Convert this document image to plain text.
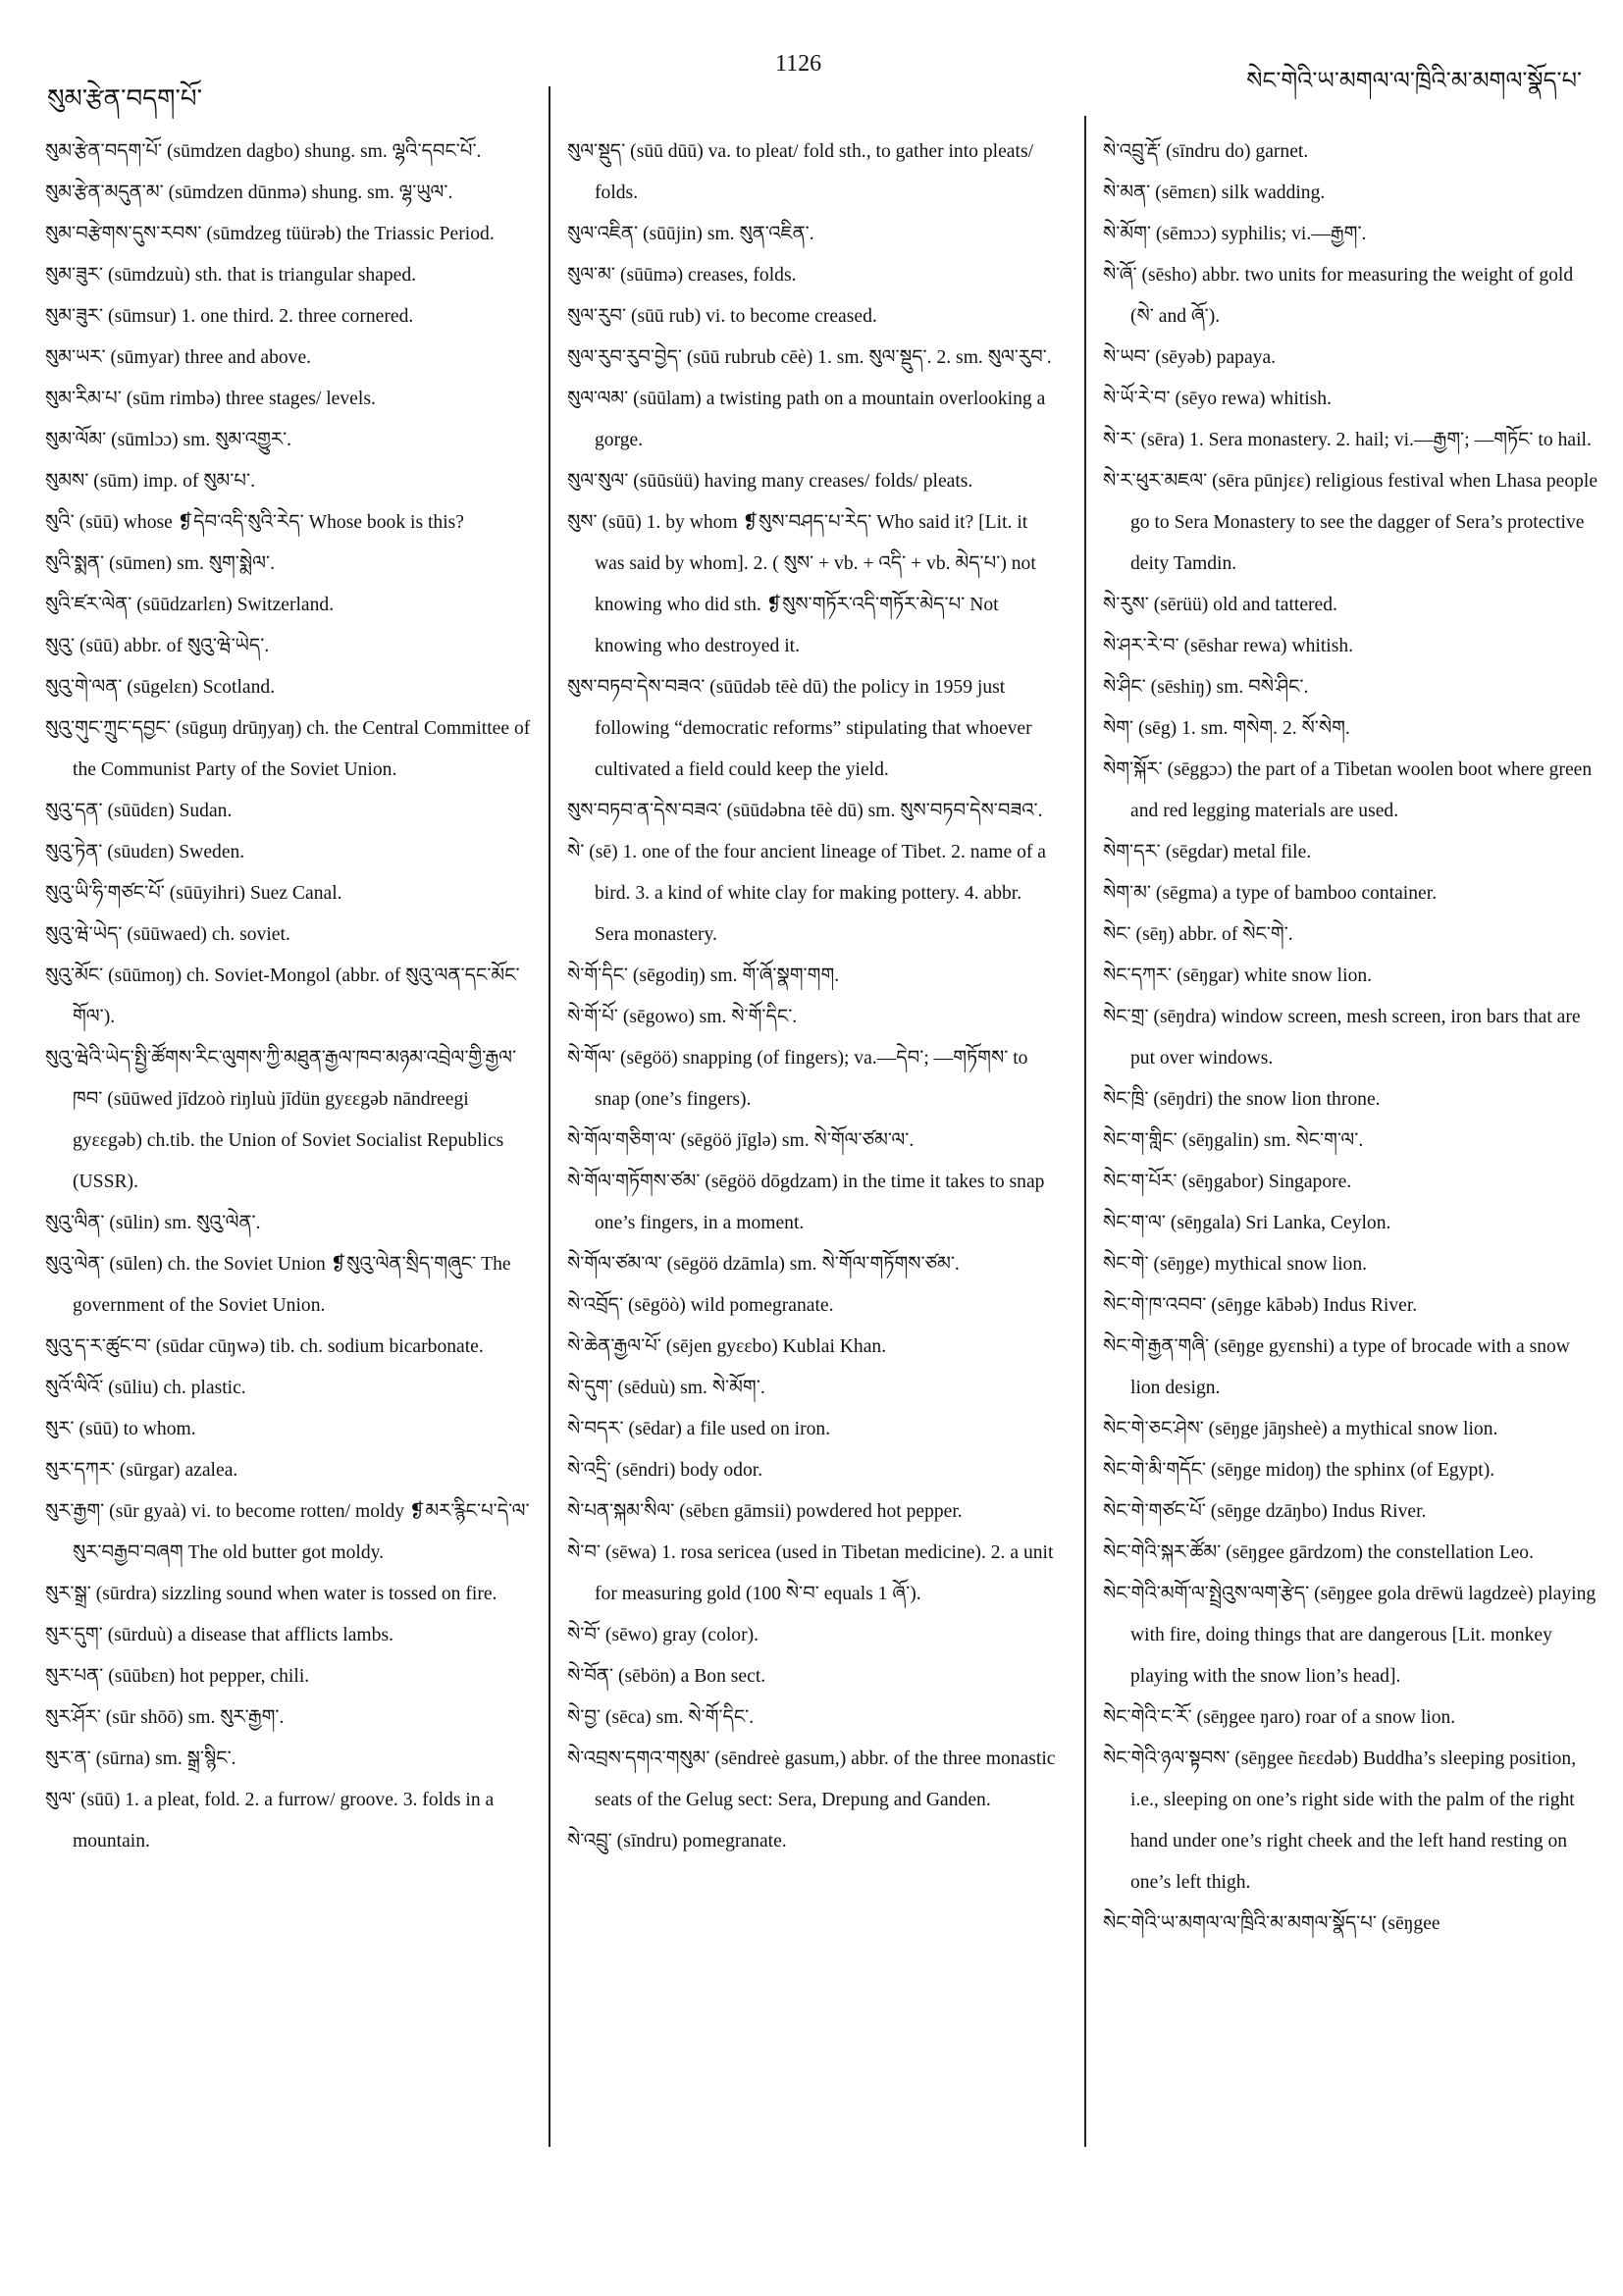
སུམ་རྩེན་བདག་པོ་
1126
སེང་གེའི་ཡ་མགལ་ལ་ཁྲིའི་མ་མགལ་སྣོད་པ་

སུམ་རྩེན་བདག་པོ་ (sūmdzen dagbo) shung. sm. ལྷའི་དབང་པོ་.

སུམ་རྩེན་མདུན་མ་ (sūmdzen dūnmə) shung. sm. ལྷ་ཡུལ་.

སུམ་བརྩེགས་དུས་རབས་ (sūmdzeg tüürəb) the Triassic Period.

སུམ་ཟུར་ (sūmdzuù) sth. that is triangular shaped.

སུམ་ཟུར་ (sūmsur) 1. one third. 2. three cornered.

སུམ་ཡར་ (sūmyar) three and above.

སུམ་རིམ་པ་ (sūm rimbə) three stages/ levels.

སུམ་ལོམ་ (sūmlɔɔ) sm. སུམ་འགྱུར་.

སུམས་ (sūm) imp. of སུམ་པ་.

སུའི་ (sūū) whose ❡དེབ་འདི་སུའི་རེད་ Whose book is this?

སུའི་སྨན་ (sūmen) sm. སུག་སྨེལ་.

སུའི་ཛར་ལེན་ (sūūdzarlɛn) Switzerland.

སུའུ་ (sūū) abbr. of སུའུ་ཝེ་ཡེད་.

སུའུ་གེ་ལན་ (sūgelɛn) Scotland.

སུའུ་གུང་ཀྲུང་དབྱང་ (sūguŋ drūŋyaŋ) ch. the Central Committee of the Communist Party of the Soviet Union.

སུའུ་དན་ (sūūdɛn) Sudan.

སུའུ་ཏེན་ (sūudɛn) Sweden.

སུའུ་ཡི་ཧི་གཙང་པོ་ (sūūyihri) Suez Canal.

སུའུ་ཝེ་ཡེད་ (sūūwaed) ch. soviet.

སུའུ་མོང་ (sūūmoŋ) ch. Soviet-Mongol (abbr. of སུའུ་ལན་དང་མོང་གོལ་).

སུའུ་ཝེའི་ཡེད་སྤྱི་ཚོགས་རིང་ལུགས་ཀྱི་མཐུན་རྒྱལ་ཁབ་མཉམ་འབྲེལ་གྱི་རྒྱལ་ཁབ་ (sūūwed jīdzoò riŋluù jīdün gyɛɛgəb nāndreegi gyɛɛgəb) ch.tib. the Union of Soviet Socialist Republics (USSR).

སུའུ་ལིན་ (sūlin) sm. སུའུ་ལེན་.

སུའུ་ལེན་ (sūlen) ch. the Soviet Union ❡སུའུ་ལེན་སྲིད་གཞུང་ The government of the Soviet Union.

སུའུ་ད་ར་ཚུང་བ་ (sūdar cūŋwə) tib. ch. sodium bicarbonate.

སུའོ་ལིའོ་ (sūliu) ch. plastic.

སུར་ (sūū) to whom.

སུར་དཀར་ (sūrgar) azalea.

སུར་རྒྱག་ (sūr gyaà) vi. to become rotten/ moldy ❡མར་རྙིང་པ་དེ་ལ་སུར་བརྒྱབ་བཞག The old butter got moldy.

སུར་སྒྲ་ (sūrdra) sizzling sound when water is tossed on fire.

སུར་དུག་ (sūrduù) a disease that afflicts lambs.

སུར་པན་ (sūūbɛn) hot pepper, chili.

སུར་ཤོར་ (sūr shōō) sm. སུར་རྒྱག་.

སུར་ན་ (sūrna) sm. སྒྲ་སྙིང་.

སུལ་ (sūū) 1. a pleat, fold. 2. a furrow/ groove. 3. folds in a mountain.

སུལ་སྡུད་ (sūū dūū) va. to pleat/ fold sth., to gather into pleats/ folds.

སུལ་འཇིན་ (sūūjin) sm. སུན་འཇིན་.

སུལ་མ་ (sūūmə) creases, folds.

སུལ་རུབ་ (sūū rub) vi. to become creased.

སུལ་རུབ་རུབ་བྱེད་ (sūū rubrub cēè) 1. sm. སུལ་སྡུད་. 2. sm. སུལ་རུབ་.

སུལ་ལམ་ (sūūlam) a twisting path on a mountain overlooking a gorge.

སུལ་སུལ་ (sūūsüü) having many creases/ folds/ pleats.

སུས་ (sūū) 1. by whom ❡སུས་བཤད་པ་རེད་ Who said it? [Lit. it was said by whom]. 2. ( སུས་ + vb. + འདི་ + vb. མེད་པ་) not knowing who did sth. ❡སུས་གཏོར་འདི་གཏོར་མེད་པ་ Not knowing who destroyed it.

སུས་བཏབ་དེས་བཟའ་ (sūūdəb tēè dū) the policy in 1959 just following “democratic reforms” stipulating that whoever cultivated a field could keep the yield.

སུས་བཏབ་ན་དེས་བཟའ་ (sūūdəbna tēè dū) sm. སུས་བཏབ་དེས་བཟའ་.

སེ་ (sē) 1. one of the four ancient lineage of Tibet. 2. name of a bird. 3. a kind of white clay for making pottery. 4. abbr. Sera monastery.

སེ་གོ་དིང་ (sēgodiŋ) sm. གོ་ཞོ་སྣག་གག.

སེ་གོ་པོ་ (sēgowo) sm. སེ་གོ་དིང་.

སེ་གོལ་ (sēgöö) snapping (of fingers); va.—དེབ་; —གཏོགས་ to snap (one’s fingers).

སེ་གོལ་གཅིག་ལ་ (sēgöö jīglə) sm. སེ་གོལ་ཙམ་ལ་.

སེ་གོལ་གཏོགས་ཙམ་ (sēgöö dōgdzam) in the time it takes to snap one’s fingers, in a moment.

སེ་གོལ་ཙམ་ལ་ (sēgöö dzāmla) sm. སེ་གོལ་གཏོགས་ཙམ་.

སེ་འབྲོད་ (sēgöò) wild pomegranate.

སེ་ཆེན་རྒྱལ་པོ་ (sējen gyɛɛbo) Kublai Khan.

སེ་དུག་ (sēduù) sm. སེ་མོག་.

སེ་བདར་ (sēdar) a file used on iron.

སེ་འདྲི་ (sēndri) body odor.

སེ་པན་སྐམ་སིལ་ (sēbɛn gāmsii) powdered hot pepper.

སེ་བ་ (sēwa) 1. rosa sericea (used in Tibetan medicine). 2. a unit for measuring gold (100 སེ་བ་ equals 1 ཞོ་).

སེ་བོ་ (sēwo) gray (color).

སེ་བོན་ (sēbön) a Bon sect.

སེ་བྱ་ (sēca) sm. སེ་གོ་དིང་.

སེ་འབྲས་དགའ་གསུམ་ (sēndreè gasum,) abbr. of the three monastic seats of the Gelug sect: Sera, Drepung and Ganden.

སེ་འབྲུ་ (sīndru) pomegranate.

སེ་འབྲུ་རྡོ་ (sīndru do) garnet.

སེ་མན་ (sēmɛn) silk wadding.

སེ་མོག་ (sēmɔɔ) syphilis; vi.—རྒྱག་.

སེ་ཞོ་ (sēsho) abbr. two units for measuring the weight of gold (སེ་ and ཞོ་).

སེ་ཡབ་ (sēyəb) papaya.

སེ་ཡོ་རེ་བ་ (sēyo rewa) whitish.

སེ་ར་ (sēra) 1. Sera monastery. 2. hail; vi.—རྒྱག་; —གཏོང་ to hail.

སེ་ར་ཕུར་མཇལ་ (sēra pūnjɛɛ) religious festival when Lhasa people go to Sera Monastery to see the dagger of Sera’s protective deity Tamdin.

སེ་རུས་ (sērüü) old and tattered.

སེ་ཤར་རེ་བ་ (sēshar rewa) whitish.

སེ་ཤིང་ (sēshiŋ) sm. བསེ་ཤིང་.

སེག་ (sēg) 1. sm. གསེག. 2. སོ་སེག.

སེག་སྐོར་ (sēggɔɔ) the part of a Tibetan woolen boot where green and red legging materials are used.

སེག་དར་ (sēgdar) metal file.

སེག་མ་ (sēgma) a type of bamboo container.

སེང་ (sēŋ) abbr. of སེང་གེ་.

སེང་དཀར་ (sēŋgar) white snow lion.

སེང་གྲ་ (sēŋdra) window screen, mesh screen, iron bars that are put over windows.

སེང་ཁྲི་ (sēŋdri) the snow lion throne.

སེང་ག་གླིང་ (sēŋgalin) sm. སེང་ག་ལ་.

སེང་ག་པོར་ (sēŋgabor) Singapore.

སེང་ག་ལ་ (sēŋgala) Sri Lanka, Ceylon.

སེང་གེ་ (sēŋge) mythical snow lion.

སེང་གེ་ཁ་འབབ་ (sēŋge kābəb) Indus River.

སེང་གེ་རྒྱན་གཞི་ (sēŋge gyɛnshi) a type of brocade with a snow lion design.

སེང་གེ་ཅང་ཤེས་ (sēŋge jāŋsheè) a mythical snow lion.

སེང་གེ་མི་གདོང་ (sēŋge midoŋ) the sphinx (of Egypt).

སེང་གེ་གཙང་པོ་ (sēŋge dzāŋbo) Indus River.

སེང་གེའི་སྐར་ཚོམ་ (sēŋgee gārdzom) the constellation Leo.

སེང་གེའི་མགོ་ལ་སྤྲེའུས་ལག་རྩེད་ (sēŋgee gola drēwü lagdzeè) playing with fire, doing things that are dangerous [Lit. monkey playing with the snow lion’s head].

སེང་གེའི་ང་རོ་ (sēŋgee ŋaro) roar of a snow lion.

སེང་གེའི་ཉལ་སྟབས་ (sēŋgee ñɛɛdəb) Buddha’s sleeping position, i.e., sleeping on one’s right side with the palm of the right hand under one’s right cheek and the left hand resting on one’s left thigh.

སེང་གེའི་ཡ་མགལ་ལ་ཁྲིའི་མ་མགལ་སྣོད་པ་ (sēŋgee
